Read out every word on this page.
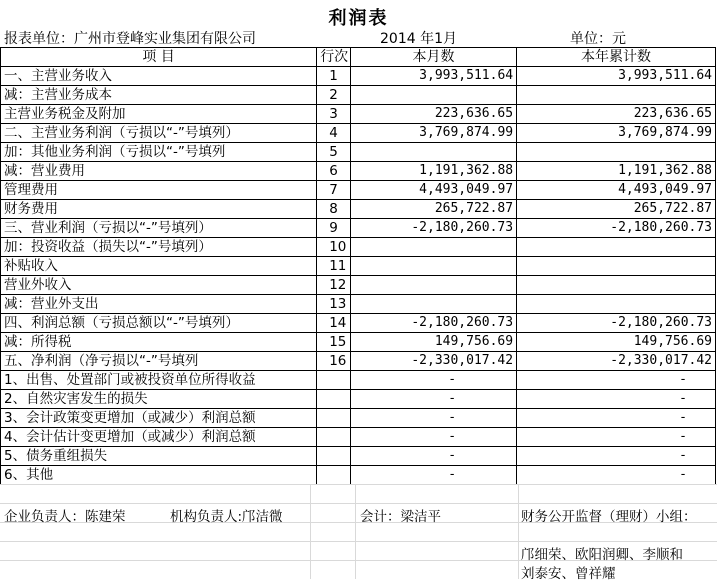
利润表
报表单位：广州市登峰实业集团有限公司	2014 年1月	单位：元
项 目	行次	本月数	本年累计数
一、主营业务收入	1	3,993,511.64	3,993,511.64
减：主营业务成本	2		
主营业务税金及附加	3	223,636.65	223,636.65
二、主营业务利润（亏损以“-”号填列）	4	3,769,874.99	3,769,874.99
加：其他业务利润（亏损以“-”号填列	5		
减：营业费用	6	1,191,362.88	1,191,362.88
管理费用	7	4,493,049.97	4,493,049.97
财务费用	8	265,722.87	265,722.87
三、营业利润（亏损以“-”号填列）	9	-2,180,260.73	-2,180,260.73
加：投资收益（损失以“-”号填列）	10		
补贴收入	11		
营业外收入	12		
减：营业外支出	13		
四、利润总额（亏损总额以“-”号填列）	14	-2,180,260.73	-2,180,260.73
减：所得税	15	149,756.69	149,756.69
五、净利润（净亏损以“-”号填列	16	-2,330,017.42	-2,330,017.42
1、出售、处置部门或被投资单位所得收益		-	-
2、自然灾害发生的损失		-	-
3、会计政策变更增加（或减少）利润总额		-	-
4、会计估计变更增加（或减少）利润总额		-	-
5、债务重组损失		-	-
6、其他		-	-
企业负责人：陈建荣	机构负责人:邝洁微	会计：梁洁平	财务公开监督（理财）小组：
邝细荣、欧阳润卿、李顺和
刘泰安、曾祥耀
